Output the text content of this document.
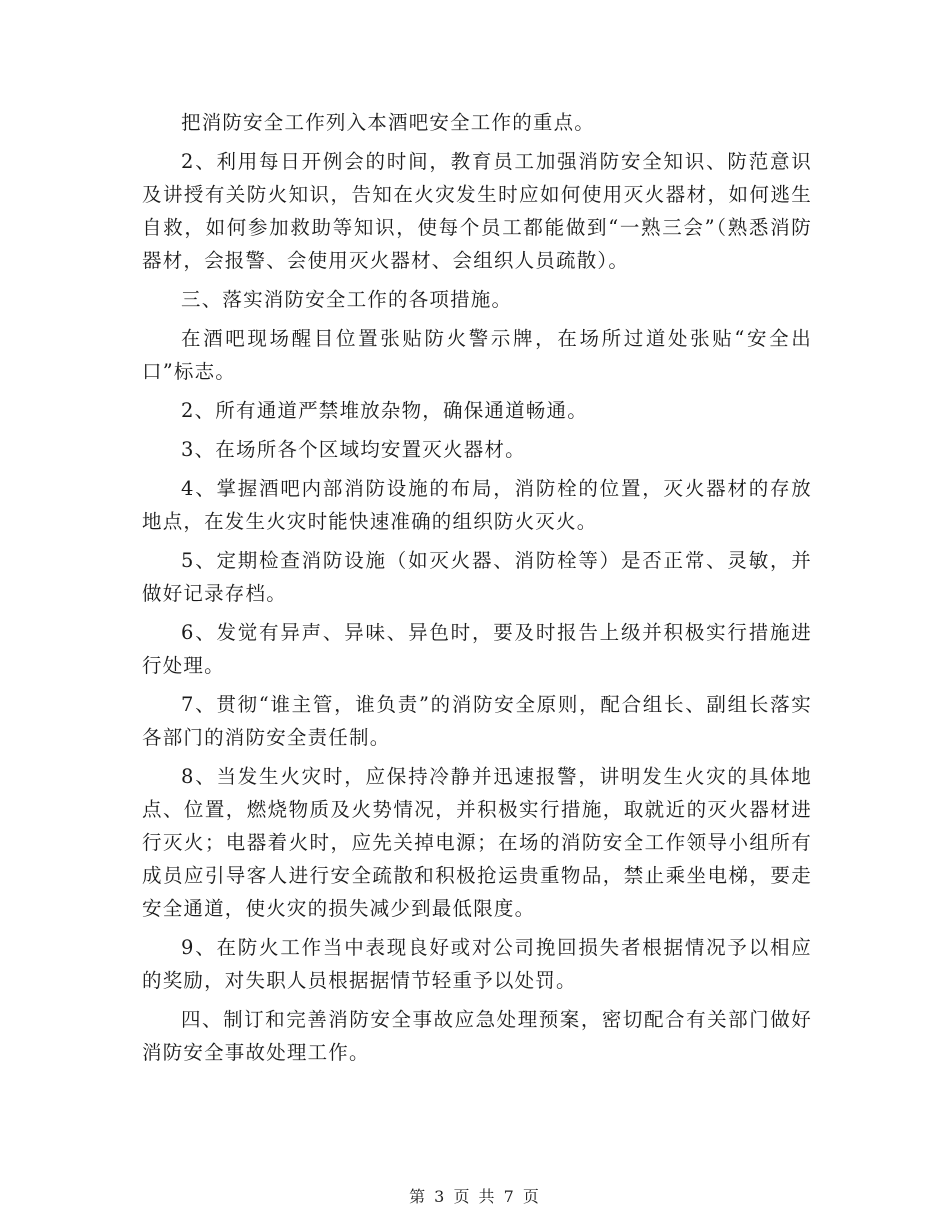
把消防安全工作列入本酒吧安全工作的重点。

2、利用每日开例会的时间，教育员工加强消防安全知识、防范意识及讲授有关防火知识，告知在火灾发生时应如何使用灭火器材，如何逃生自救，如何参加救助等知识，使每个员工都能做到“一熟三会”（熟悉消防器材，会报警、会使用灭火器材、会组织人员疏散）。

三、落实消防安全工作的各项措施。

在酒吧现场醒目位置张贴防火警示牌，在场所过道处张贴“安全出口”标志。

2、所有通道严禁堆放杂物，确保通道畅通。

3、在场所各个区域均安置灭火器材。

4、掌握酒吧内部消防设施的布局，消防栓的位置，灭火器材的存放地点，在发生火灾时能快速准确的组织防火灭火。

5、定期检查消防设施（如灭火器、消防栓等）是否正常、灵敏，并做好记录存档。

6、发觉有异声、异味、异色时，要及时报告上级并积极实行措施进行处理。

7、贯彻“谁主管，谁负责”的消防安全原则，配合组长、副组长落实各部门的消防安全责任制。

8、当发生火灾时，应保持冷静并迅速报警，讲明发生火灾的具体地点、位置，燃烧物质及火势情况，并积极实行措施，取就近的灭火器材进行灭火；电器着火时，应先关掉电源；在场的消防安全工作领导小组所有成员应引导客人进行安全疏散和积极抢运贵重物品，禁止乘坐电梯，要走安全通道，使火灾的损失减少到最低限度。

9、在防火工作当中表现良好或对公司挽回损失者根据情况予以相应的奖励，对失职人员根据据情节轻重予以处罚。

四、制订和完善消防安全事故应急处理预案，密切配合有关部门做好消防安全事故处理工作。

第 3 页 共 7 页
